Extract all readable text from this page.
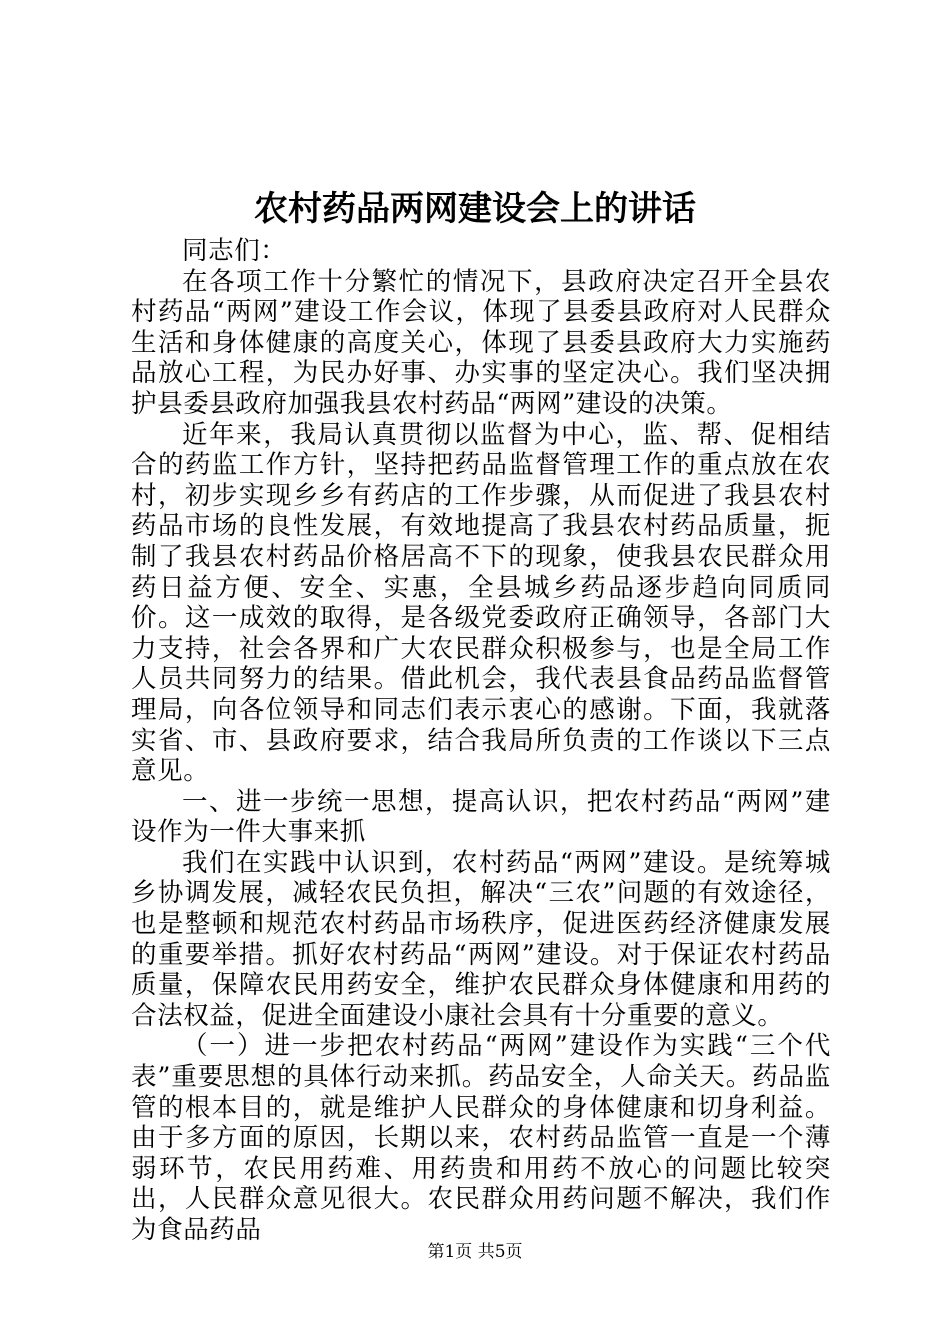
农村药品两网建设会上的讲话

同志们：

在各项工作十分繁忙的情况下，县政府决定召开全县农村药品“两网”建设工作会议，体现了县委县政府对人民群众生活和身体健康的高度关心，体现了县委县政府大力实施药品放心工程，为民办好事、办实事的坚定决心。我们坚决拥护县委县政府加强我县农村药品“两网”建设的决策。

近年来，我局认真贯彻以监督为中心，监、帮、促相结合的药监工作方针，坚持把药品监督管理工作的重点放在农村，初步实现乡乡有药店的工作步骤，从而促进了我县农村药品市场的良性发展，有效地提高了我县农村药品质量，扼制了我县农村药品价格居高不下的现象，使我县农民群众用药日益方便、安全、实惠，全县城乡药品逐步趋向同质同价。这一成效的取得，是各级党委政府正确领导，各部门大力支持，社会各界和广大农民群众积极参与，也是全局工作人员共同努力的结果。借此机会，我代表县食品药品监督管理局，向各位领导和同志们表示衷心的感谢。下面，我就落实省、市、县政府要求，结合我局所负责的工作谈以下三点意见。

一、进一步统一思想，提高认识，把农村药品“两网”建设作为一件大事来抓

我们在实践中认识到，农村药品“两网”建设。是统筹城乡协调发展，减轻农民负担，解决“三农”问题的有效途径，也是整顿和规范农村药品市场秩序，促进医药经济健康发展的重要举措。抓好农村药品“两网”建设。对于保证农村药品质量，保障农民用药安全，维护农民群众身体健康和用药的合法权益，促进全面建设小康社会具有十分重要的意义。

（一）进一步把农村药品“两网”建设作为实践“三个代表”重要思想的具体行动来抓。药品安全，人命关天。药品监管的根本目的，就是维护人民群众的身体健康和切身利益。由于多方面的原因，长期以来，农村药品监管一直是一个薄弱环节，农民用药难、用药贵和用药不放心的问题比较突出，人民群众意见很大。农民群众用药问题不解决，我们作为食品药品

第1页 共5页
